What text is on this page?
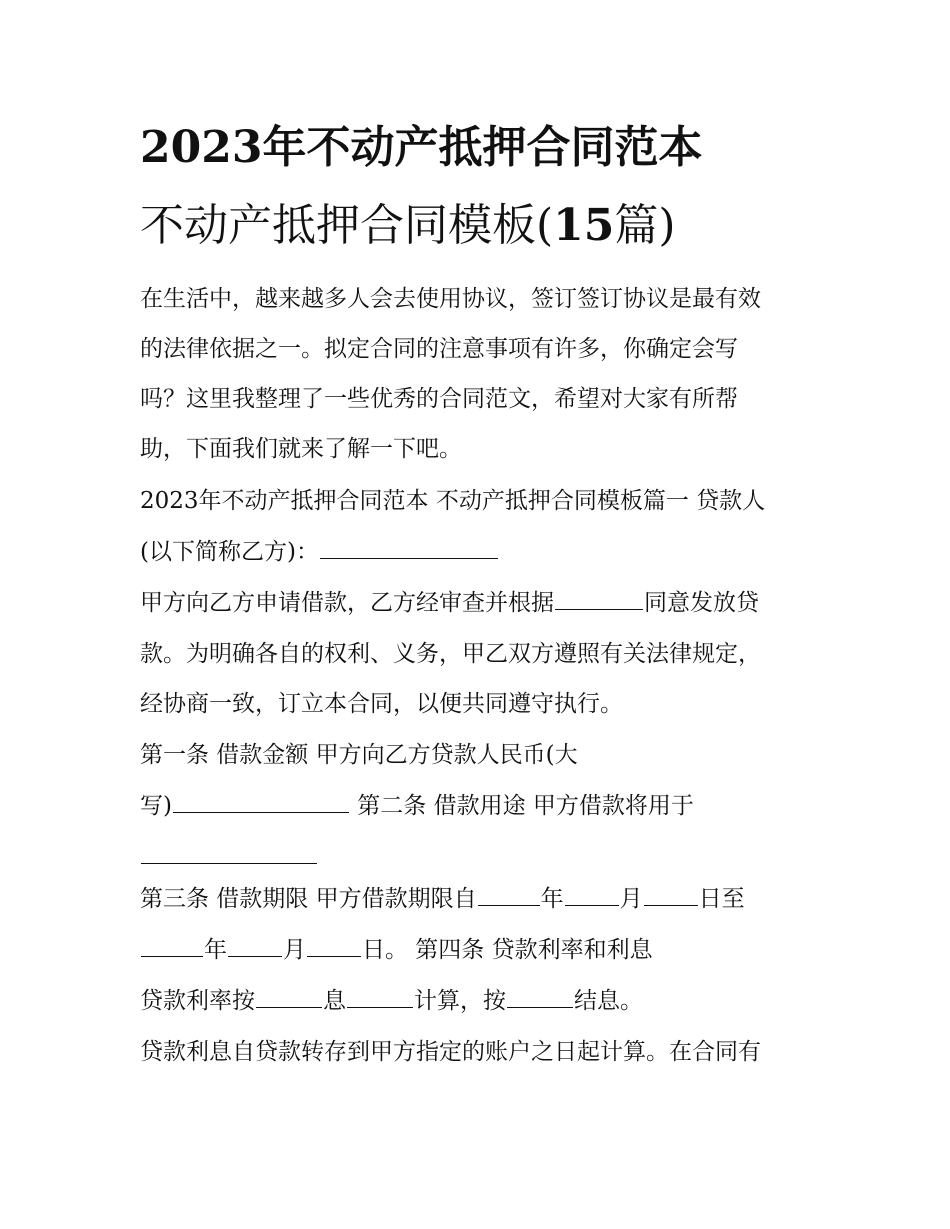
2023年不动产抵押合同范本
不动产抵押合同模板(15篇)
在生活中，越来越多人会去使用协议，签订签订协议是最有效
的法律依据之一。拟定合同的注意事项有许多，你确定会写
吗？这里我整理了一些优秀的合同范文，希望对大家有所帮
助，下面我们就来了解一下吧。
2023年不动产抵押合同范本 不动产抵押合同模板篇一 贷款人
(以下简称乙方)：
甲方向乙方申请借款，乙方经审查并根据	同意发放贷
款。为明确各自的权利、义务，甲乙双方遵照有关法律规定，
经协商一致，订立本合同，以便共同遵守执行。
第一条 借款金额 甲方向乙方贷款人民币(大
写)	第二条 借款用途 甲方借款将用于
第三条 借款期限 甲方借款期限自	年 月 日至
年 月 日。 第四条 贷款利率和利息
贷款利率按	息	计算，按	结息。
贷款利息自贷款转存到甲方指定的账户之日起计算。在合同有
